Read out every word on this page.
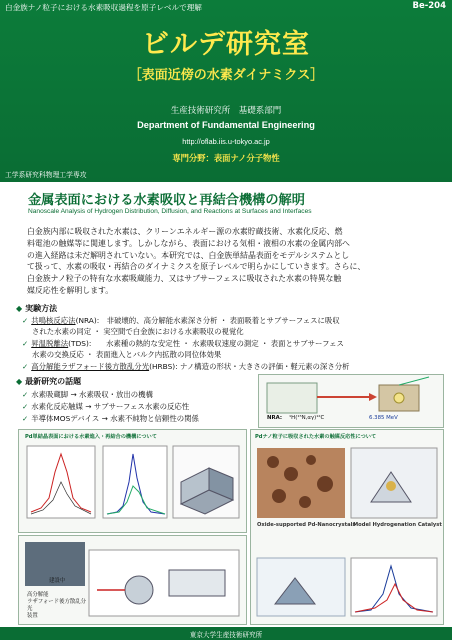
白金族ナノ粒子における水素吸収過程を原子レベルで理解	Be-204
ビルデ研究室
［表面近傍の水素ダイナミクス］
生産技術研究所　基礎系部門
Department of Fundamental Engineering
http://oflab.iis.u-tokyo.ac.jp
専門分野：表面ナノ分子物性
工学系研究科物理工学専攻
金属表面における水素吸収と再結合機構の解明
Nanoscale Analysis of Hydrogen Distribution, Diffusion, and Reactions at Surfaces and Interfaces
白金族内部に吸収された水素は、クリーンエネルギー源の水素貯蔵技術、水素化反応、燃
料電池の触媒等に関連します。しかしながら、表面における気相・液相の水素の金属内部へ
の進入経路は未だ解明されていない。本研究では、白金族単結晶表面をモデルシステムとし
て扱って、水素の吸収・再結合のダイナミクスを原子レベルで明らかにしていきます。さらに、
白金族ナノ粒子の特有な水素吸蔵能力、又はサブサーフェスに吸収された水素の特異な触
媒反応性を解明します。
◆ 実験方法
✓ 共鳴核反応法(NRA):　非破壊的、高分解能水素深さ分析 ・ 表面吸着とサブサーフェスに吸収
された水素の同定 ・ 実空間で白金族における水素吸収の視覚化
✓ 昇温脱離法(TDS):　　水素種の熱的な安定性 ・ 水素吸収速度の測定 ・ 表面とサブサーフェス
水素の交換反応 ・ 表面進入とバルク内拡散の同位体効果
✓ 高分解能ラザフォード後方散乱分光(HRBS): ナノ構造の形状・大きさの評価・軽元素の深さ分析
◆ 最新研究の話題
✓ 水素吸蔵脚 → 水素吸収・放出の機構
✓ 水素化反応触媒 → サブサーフェス水素の反応性
✓ 半導体MOSデバイス → 水素不純物と信頼性の関係	NRA: ¹H(¹⁵N,αγ)¹²C	6.385 MeV
Pd単結晶表面における水素進入・再結合の機構について	Pdナノ粒子に吸収された水素の触媒反応性について
Oxide-supported Pd-Nanocrystals
Model Hydrogenation Catalyst
建設中
高分解能
ラザフォード後方散乱分光
装置
東京大学生産技術研究所
